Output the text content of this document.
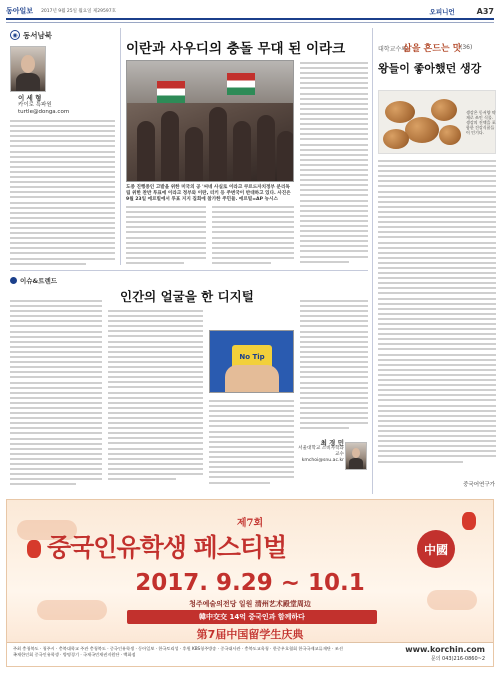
동아일보 2017년 9월 25일 월요일 제29597호	오피니언	A37
◉ 동서남북
이란과 사우디의 충돌 무대 된 이라크
이 세 형
카이로 특파원
turtle@donga.com
도중 진행중인 고발을 위한 미국의 공 '씨네 사실로 이라크 쿠르드자치정부 분리독립 위한 찬반 투표에 이라크 정부와 이란, 터키 등 주변국이 반대하고 있다. 사진은 9월 23일 에르빌에서 투표 지지 집회에 참가한 주민들. 에르빌=AP 뉴시스
대학교수의
삶을 흔드는 맛
(36)
왕들이 좋아했던 생강
생강은 동서양 약재로 쓰인 식물. 생강의 진액을 포함한 건강식품들이 인기다.
중국어연구가
이슈&트렌드
인간의 얼굴을 한 디지털
No Tip
최 경 민
서울대학교 소비자학과 교수
kmchoi@snu.ac.kr
제7회
중국인유학생 페스티벌	中國
2017. 9.29 ~ 10.1
청주예술의전당 일원 清州艺术殿堂周边
韓中交交 14억 중국인과 함께하다
第7届中国留学生庆典
주최 충청북도 · 청주시 · 충북대학교 주관 충청북도 · 중국인유학생 · 동아일보 · 한국토리성 · 후원 KBS청주방송 · 중국대사관 · 충북도교육청 · 한중우호협회 한국국제교류재단 · 조선족재한인회 중국인유학생 · 방명경기 · 국재국민재권지원단 · 백화점
www.korchin.com
문의 043)216-0860~2
